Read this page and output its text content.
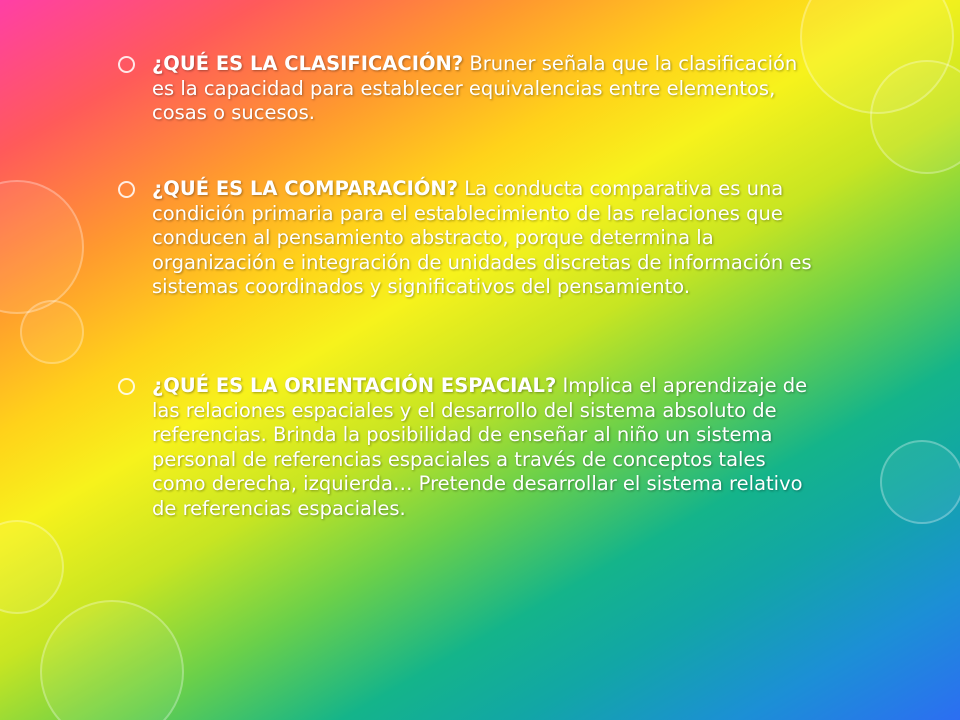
¿QUÉ ES LA CLASIFICACIÓN? Bruner señala que la clasificación es la capacidad para establecer equivalencias entre elementos, cosas o sucesos.
¿QUÉ ES LA COMPARACIÓN? La conducta comparativa es una condición primaria para el establecimiento de las relaciones que conducen al pensamiento abstracto, porque determina la organización e integración de unidades discretas de información es sistemas coordinados y significativos del pensamiento.
¿QUÉ ES LA ORIENTACIÓN ESPACIAL? Implica el aprendizaje de las relaciones espaciales y el desarrollo del sistema absoluto de referencias. Brinda la posibilidad de enseñar al niño un sistema personal de referencias espaciales a través de conceptos tales como derecha, izquierda… Pretende desarrollar el sistema relativo de referencias espaciales.
